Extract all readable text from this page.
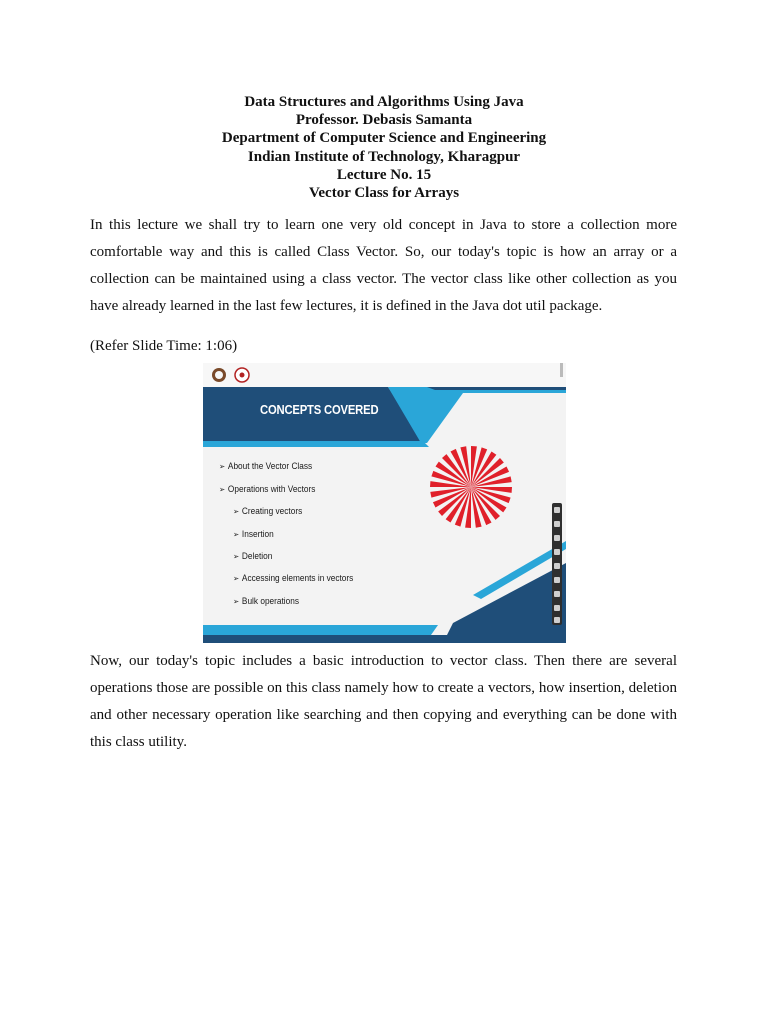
Data Structures and Algorithms Using Java
Professor. Debasis Samanta
Department of Computer Science and Engineering
Indian Institute of Technology, Kharagpur
Lecture No. 15
Vector Class for Arrays

In this lecture we shall try to learn one very old concept in Java to store a collection more comfortable way and this is called Class Vector. So, our today's topic is how an array or a collection can be maintained using a class vector. The vector class like other collection as you have already learned in the last few lectures, it is defined in the Java dot util package.

(Refer Slide Time: 1:06)
CONCEPTS COVERED
➢ About the Vector Class
➢ Operations with Vectors
➢ Creating vectors
➢ Insertion
➢ Deletion
➢ Accessing elements in vectors
➢ Bulk operations

Now, our today's topic includes a basic introduction to vector class. Then there are several operations those are possible on this class namely how to create a vectors, how insertion, deletion and other necessary operation like searching and then copying and everything can be done with this class utility.
